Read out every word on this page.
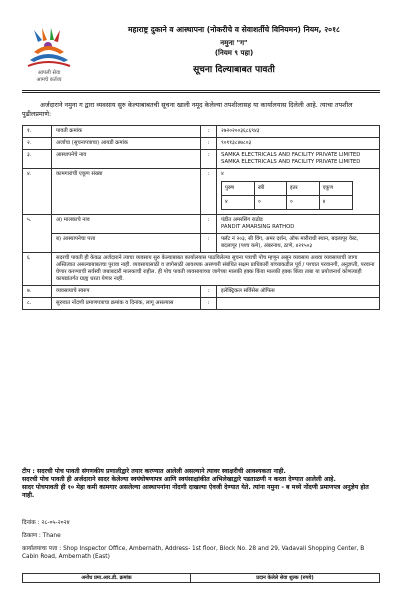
आपली सेवा
आमचे कर्तव्य
महाराष्ट्र दुकाने व आस्थापना (नोकरीचे व सेवाशर्तीचे विनियमन) नियम, २०१८
नमुना "ग"
(नियम ९ पहा)
सूचना दिल्याबाबत पावती
अर्जदाराने नमुना ग द्वारा व्यवसाय सुरु केल्याबाबतची सूचना खाली नमूद केलेल्या तपशीलासह या कार्यालयास दिलेली आहे. त्याचा तपशील पुढीलप्रमाणे:
१.	पावती क्रमांक	:	२७२०२००३६८६९४३
२.	अर्जाचा (सूचनापत्राचा) आयडी क्रमांक	:	९०११३८४७८०३
३.	आस्थापनेचे नाव	:	SAMKA ELECTRICALS AND FACILITY PRIVATE LIMITED
SAMKA ELECTRICALS AND FACILITY PRIVATE LIMITED

४.	कामगारांची एकूण संख्या	:	४
पुरुष	स्त्री	इतर	एकूण
४	०	०	४

५.	अ) मालकाचे नाव	:	पंडीत अमरसिंग राठोड
PANDIT AMARSING RATHOD

ब) आस्थापनेचा पत्ता	:	फ्लॅट नं २०३, सी विंग, अमर दर्शन, ऑफ मारीराधी स्थान, बदलापूर वेस्ट, बदलापूर (पश्च कमे), अंबरनाथ, ठाणे, ४२१५०३
६	सदरची पावती ही केवळ अर्जदाराने त्याचा व्यवसाय सुरु केल्याबाबत कार्यालयास पाठविलेल्या सूचना पत्राची पोच म्हणून असून व्यवसाय अथवा व्यवसायाची जागा अस्तित्वात असल्याबाबतचा पुरावा नाही. व्यवसायासाठी व जागेसाठी आवश्यक असणारी संबंधित सक्षम प्राधिकारी यांच्याकडील पूर्व / पश्चात परवानगी, अनुज्ञप्ती, परवाना घेणार करण्याची सर्वस्वी जबाबदारी मालकाची राहील. ही पोच पावती व्यवसायाच्या जागेच्या मालकी हक्क किंवा मालकी हक्क किंवा ताबा या प्रयोजनार्थ कोणत्याही कायद्यांतर्गत ग्राह्य धरता येणार नाही.
७.	व्यवसायाचे स्वरुप	:	इलेक्ट्रिकल सर्विसेस ऑफिस
८.	सुरुवात नोंदणी प्रमाणपत्राचा क्रमांक व दिनांक, लागू असल्यास	:	
टीप : सदरची पोच पावती संगणकीय प्रणालीद्वारे तयार करण्यात आलेली असल्याने त्यावर स्वाक्षरीची आवश्यकता नाही.
सदरची पोच पावती ही अर्जदाराने सादर केलेल्या स्वयंघोषणापत्र आणि स्वयंसाक्षांकीत अभिलेखाद्वारे पडताळणी न करता देण्यात आलेली आहे.
सादर पोचपावती ही १० मेहा कमी कामगार असलेल्या आस्थापनांना नोंदणी दाखल्या ऐवजी देण्यात येते. त्यांना नमुना - ब मध्ये नोंदणी प्रमाणपत्र अनुज्ञेय होत नाही.
दिनांक : २८-०५-२०२४
ठिकाण : Thane
कार्यालयाचा पत्ता : Shop Inspector Office, Ambernath, Address- 1st floor, Block No. 28 and 29, Vadavali Shopping Center, B Cabin Road, Ambernath (East)
अनोंध प्रमा.आर.डी. क्रमांक	प्रदान केलेले सेवा शुल्क (रुपये)
